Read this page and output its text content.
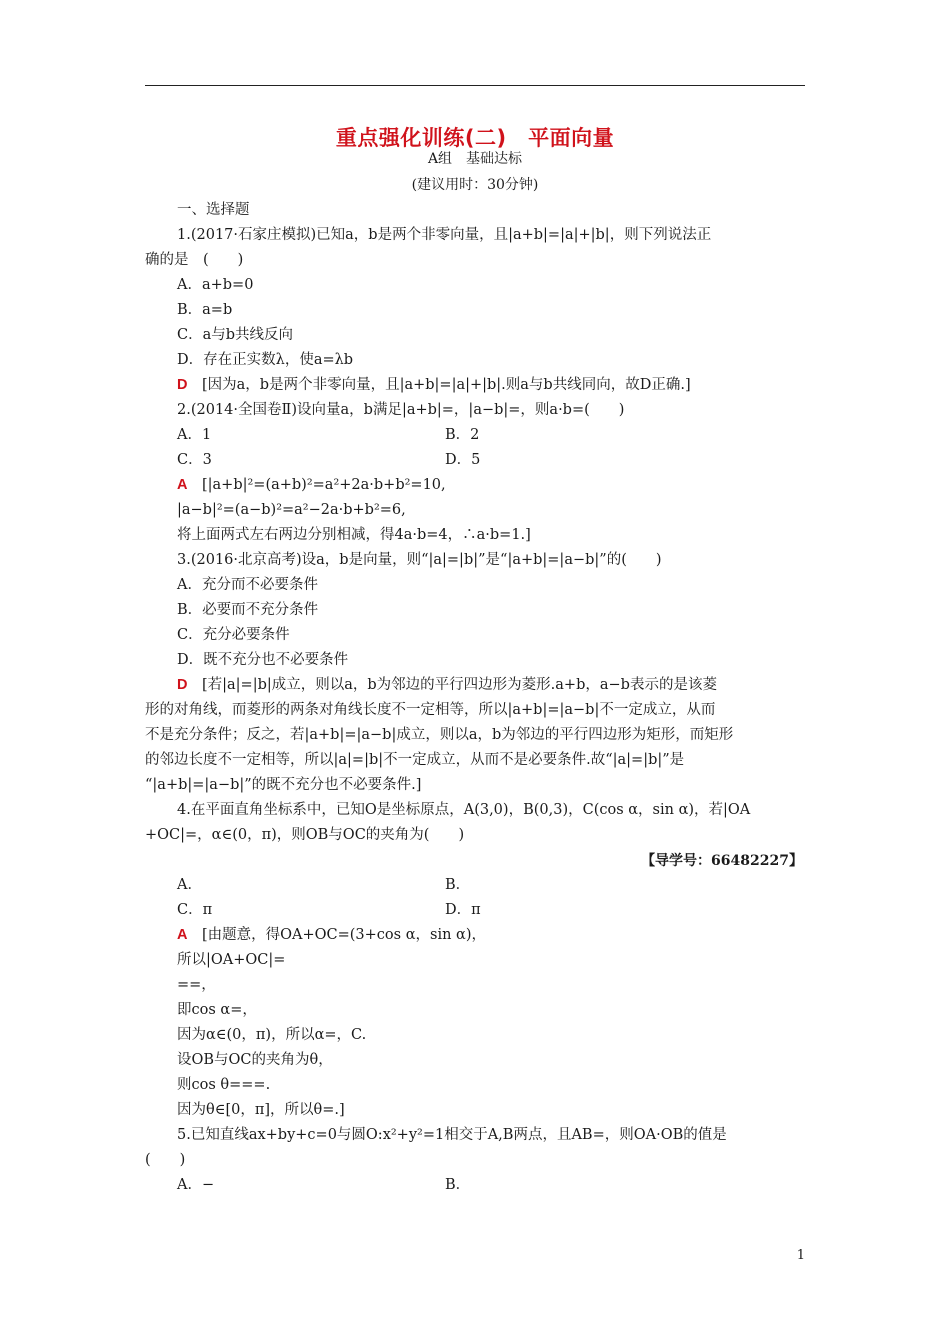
重点强化训练(二)　平面向量
A组　基础达标
(建议用时：30分钟)
一、选择题
1.(2017·石家庄模拟)已知a，b是两个非零向量，且|a+b|=|a|+|b|，则下列说法正
确的是　(　　)
A．a+b=0
B．a=b
C．a与b共线反向
D．存在正实数λ，使a=λb
D　[因为a，b是两个非零向量，且|a+b|=|a|+|b|.则a与b共线同向，故D正确.]
2.(2014·全国卷Ⅱ)设向量a，b满足|a+b|=，|a−b|=，则a·b=(　　)
A．1	B．2
C．3	D．5
A　[|a+b|²=(a+b)²=a²+2a·b+b²=10,
|a−b|²=(a−b)²=a²−2a·b+b²=6,
将上面两式左右两边分别相减，得4a·b=4，∴a·b=1.]
3.(2016·北京高考)设a，b是向量，则“|a|=|b|”是“|a+b|=|a−b|”的(　　)
A．充分而不必要条件
B．必要而不充分条件
C．充分必要条件
D．既不充分也不必要条件
D　[若|a|=|b|成立，则以a，b为邻边的平行四边形为菱形.a+b，a−b表示的是该菱
形的对角线，而菱形的两条对角线长度不一定相等，所以|a+b|=|a−b|不一定成立，从而
不是充分条件；反之，若|a+b|=|a−b|成立，则以a，b为邻边的平行四边形为矩形，而矩形
的邻边长度不一定相等，所以|a|=|b|不一定成立，从而不是必要条件.故“|a|=|b|”是
“|a+b|=|a−b|”的既不充分也不必要条件.]
4.在平面直角坐标系中，已知O是坐标原点，A(3,0)，B(0,3)，C(cos α，sin α)，若|OA
+OC|=，α∈(0，π)，则OB与OC的夹角为(　　)
A．	B．
C．π	D．π
A　[由题意，得OA+OC=(3+cos α，sin α)，
所以|OA+OC|=
==，
即cos α=，
因为α∈(0，π)，所以α=，C.
设OB与OC的夹角为θ，
则cos θ===.
因为θ∈[0，π]，所以θ=.]
5.已知直线ax+by+c=0与圆O:x²+y²=1相交于A,B两点，且AB=，则OA·OB的值是
(　　)
A．−	B．
【导学号：66482227】
1
